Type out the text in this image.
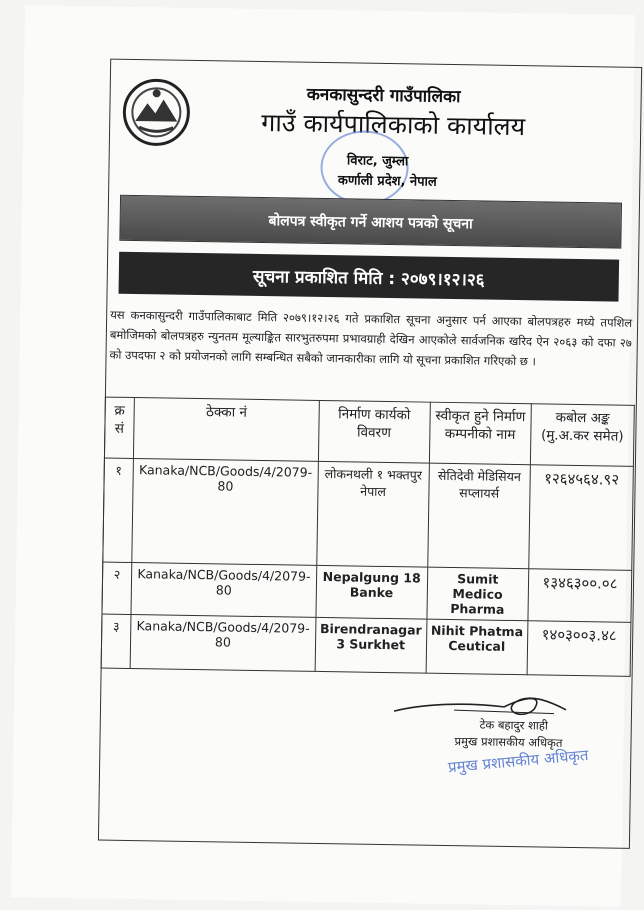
कनकासुन्दरी गाउँपालिका
गाउँ कार्यपालिकाको कार्यालय
विराट, जुम्ला
कर्णाली प्रदेश, नेपाल
बोलपत्र स्वीकृत गर्ने आशय पत्रको सूचना
सूचना प्रकाशित मिति : २०७९।१२।२६
यस कनकासुन्दरी गाउँपालिकाबाट मिति २०७९।१२।२६ गते प्रकाशित सूचना अनुसार पर्न आएका बोलपत्रहरु मध्ये तपशिल बमोजिमको बोलपत्रहरु न्युनतम मूल्याङ्कित सारभुतरुपमा प्रभावग्राही देखिन आएकोले सार्वजनिक खरिद ऐन २०६३ को दफा २७ को उपदफा २ को प्रयोजनको लागि सम्बन्धित सबैको जानकारीका लागि यो सूचना प्रकाशित गरिएको छ ।
क्र सं	ठेक्का नं	निर्माण कार्यको विवरण	स्वीकृत हुने निर्माण कम्पनीको नाम	कबोल अङ्क (मु.अ.कर समेत)
१	Kanaka/NCB/Goods/4/2079-80	लोकनथली १ भक्तपुर नेपाल	सेतिदेवी मेडिसियन सप्लायर्स	१२६४५६४.९२
२	Kanaka/NCB/Goods/4/2079-80	Nepalgung 18 Banke	Sumit Medico Pharma	१३४६३००.०८
३	Kanaka/NCB/Goods/4/2079-80	Birendranagar 3 Surkhet	Nihit Phatma Ceutical	१४०३००३.४८
टेक बहादुर शाही
प्रमुख प्रशासकीय अधिकृत
प्रमुख प्रशासकीय अधिकृत
